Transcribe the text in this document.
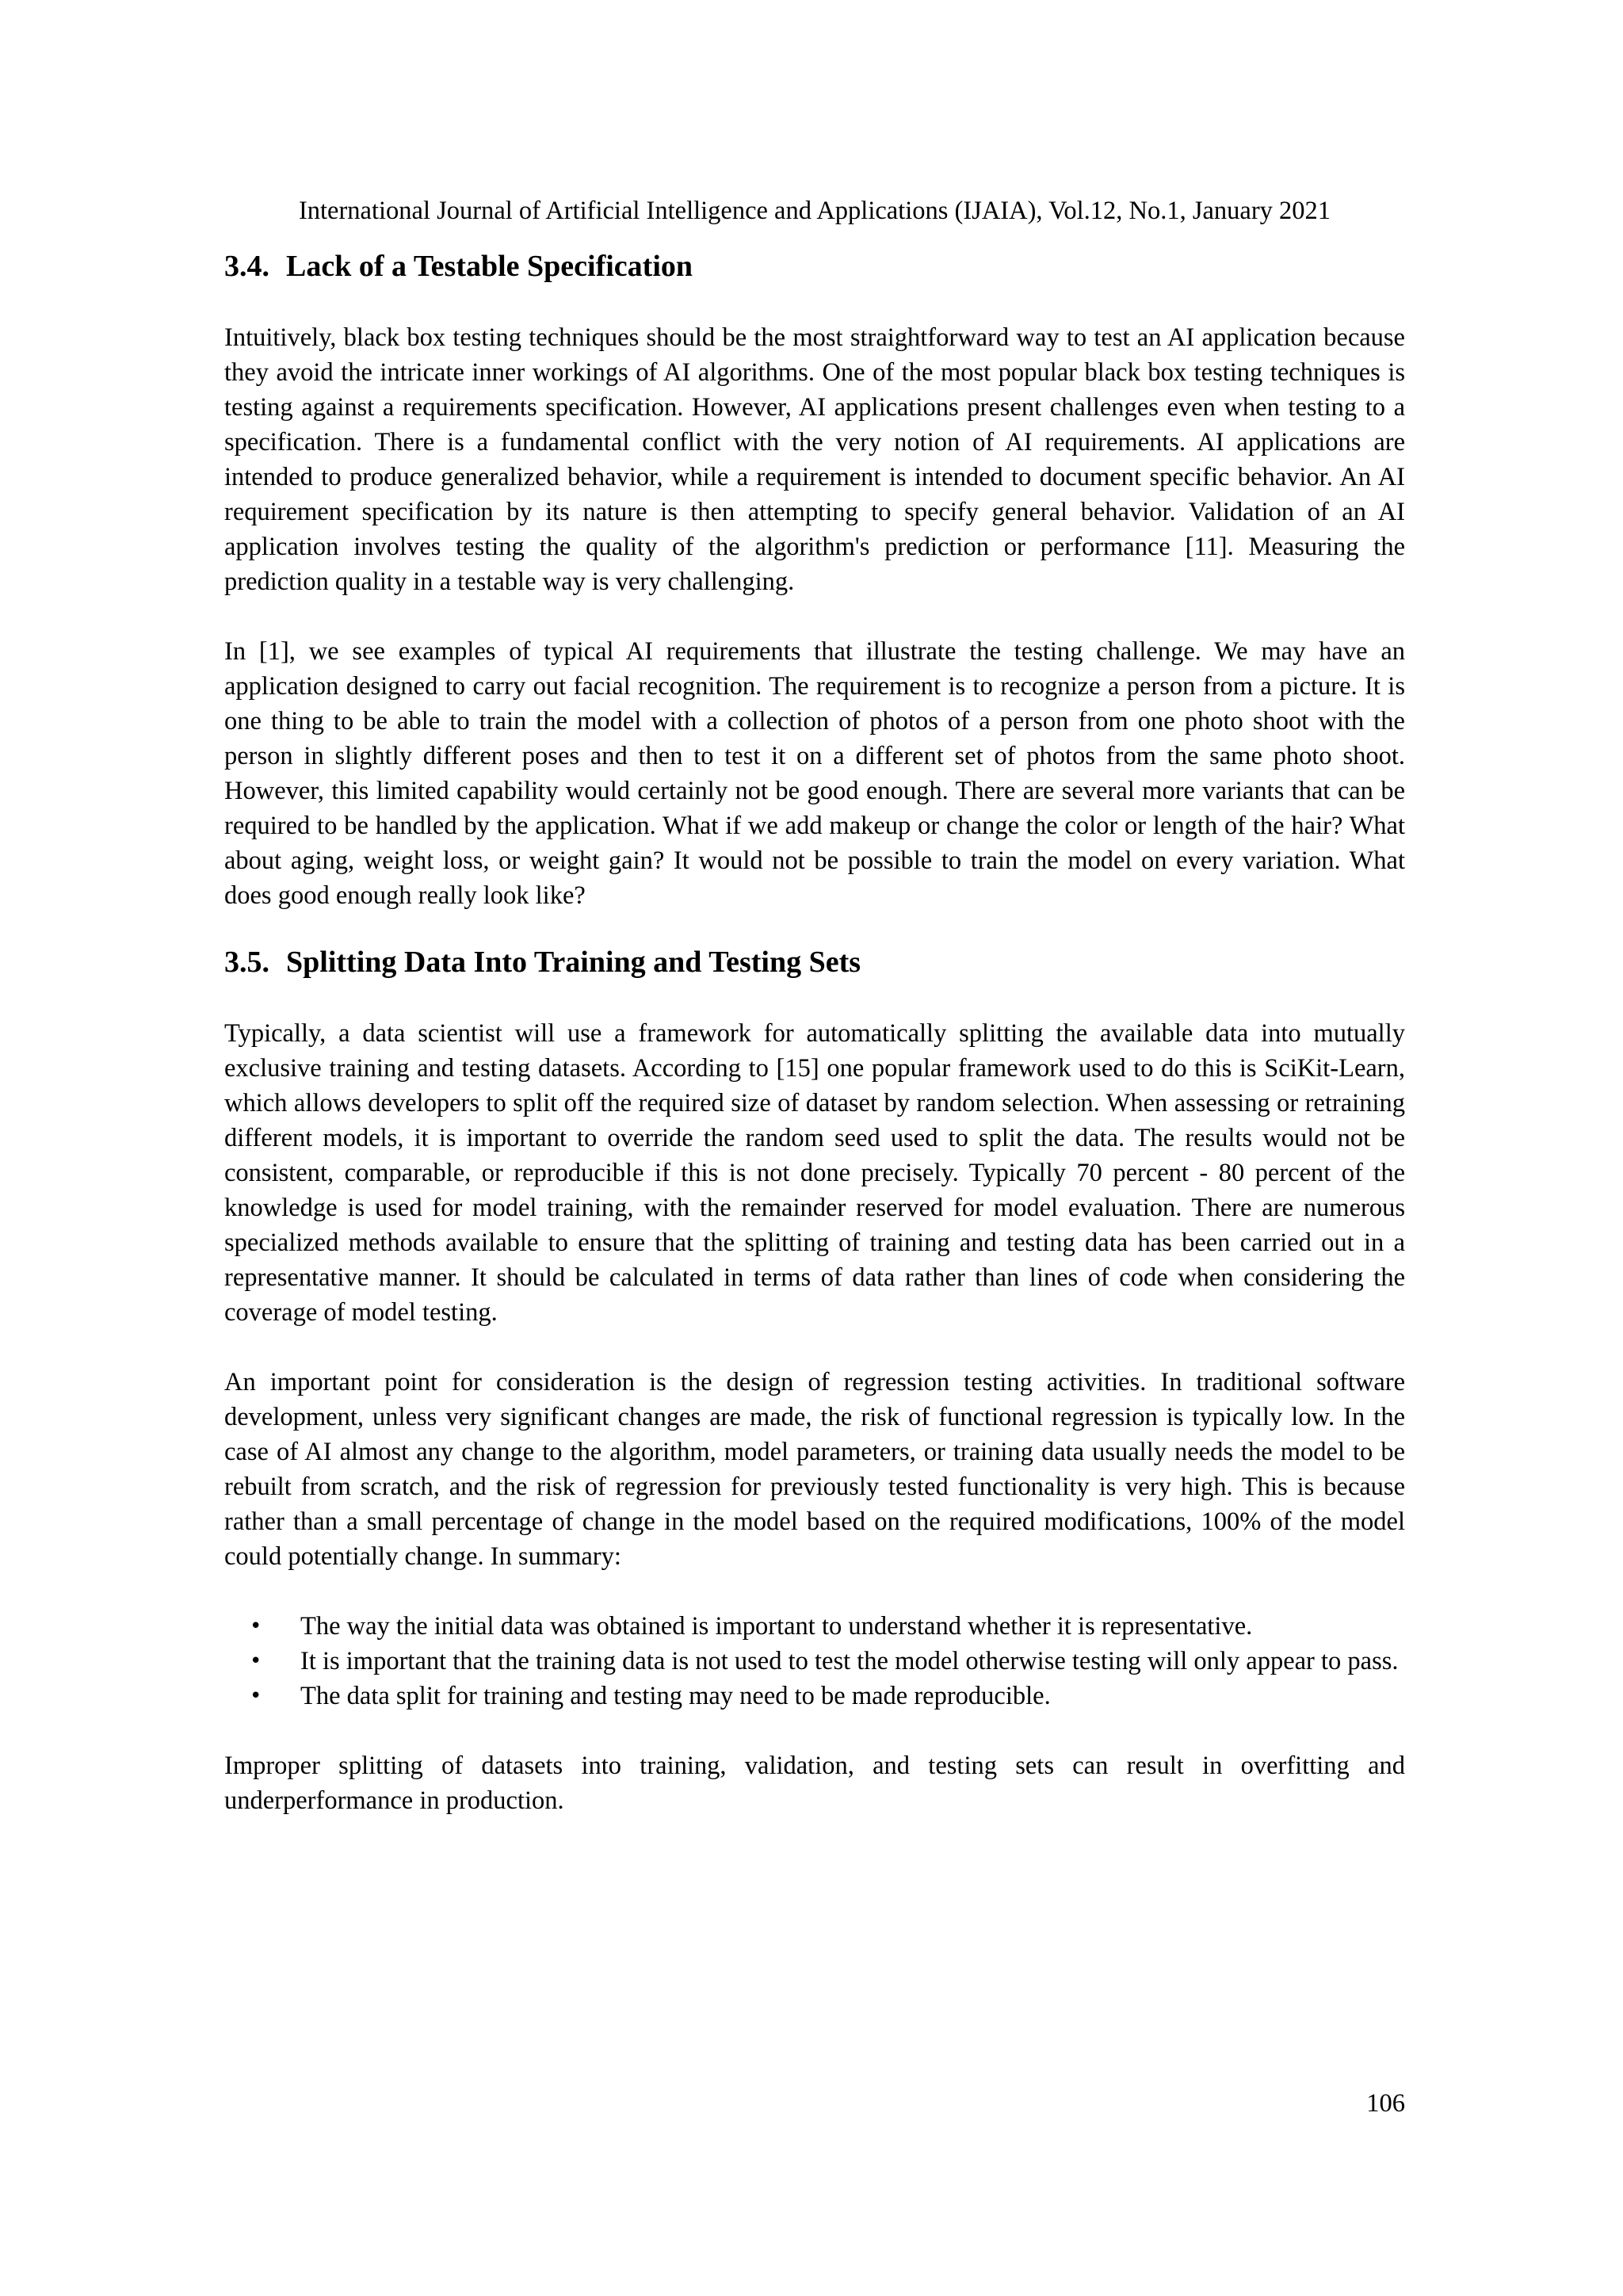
International Journal of Artificial Intelligence and Applications (IJAIA), Vol.12, No.1, January 2021
3.4. Lack of a Testable Specification

Intuitively, black box testing techniques should be the most straightforward way to test an AI application because they avoid the intricate inner workings of AI algorithms. One of the most popular black box testing techniques is testing against a requirements specification. However, AI applications present challenges even when testing to a specification. There is a fundamental conflict with the very notion of AI requirements. AI applications are intended to produce generalized behavior, while a requirement is intended to document specific behavior. An AI requirement specification by its nature is then attempting to specify general behavior. Validation of an AI application involves testing the quality of the algorithm's prediction or performance [11]. Measuring the prediction quality in a testable way is very challenging.

In [1], we see examples of typical AI requirements that illustrate the testing challenge. We may have an application designed to carry out facial recognition. The requirement is to recognize a person from a picture. It is one thing to be able to train the model with a collection of photos of a person from one photo shoot with the person in slightly different poses and then to test it on a different set of photos from the same photo shoot. However, this limited capability would certainly not be good enough. There are several more variants that can be required to be handled by the application. What if we add makeup or change the color or length of the hair? What about aging, weight loss, or weight gain? It would not be possible to train the model on every variation. What does good enough really look like?

3.5. Splitting Data Into Training and Testing Sets

Typically, a data scientist will use a framework for automatically splitting the available data into mutually exclusive training and testing datasets. According to [15] one popular framework used to do this is SciKit-Learn, which allows developers to split off the required size of dataset by random selection. When assessing or retraining different models, it is important to override the random seed used to split the data. The results would not be consistent, comparable, or reproducible if this is not done precisely. Typically 70 percent - 80 percent of the knowledge is used for model training, with the remainder reserved for model evaluation. There are numerous specialized methods available to ensure that the splitting of training and testing data has been carried out in a representative manner. It should be calculated in terms of data rather than lines of code when considering the coverage of model testing.

An important point for consideration is the design of regression testing activities. In traditional software development, unless very significant changes are made, the risk of functional regression is typically low. In the case of AI almost any change to the algorithm, model parameters, or training data usually needs the model to be rebuilt from scratch, and the risk of regression for previously tested functionality is very high. This is because rather than a small percentage of change in the model based on the required modifications, 100% of the model could potentially change. In summary:

• The way the initial data was obtained is important to understand whether it is representative.
• It is important that the training data is not used to test the model otherwise testing will only appear to pass.
• The data split for training and testing may need to be made reproducible.

Improper splitting of datasets into training, validation, and testing sets can result in overfitting and underperformance in production.

106
